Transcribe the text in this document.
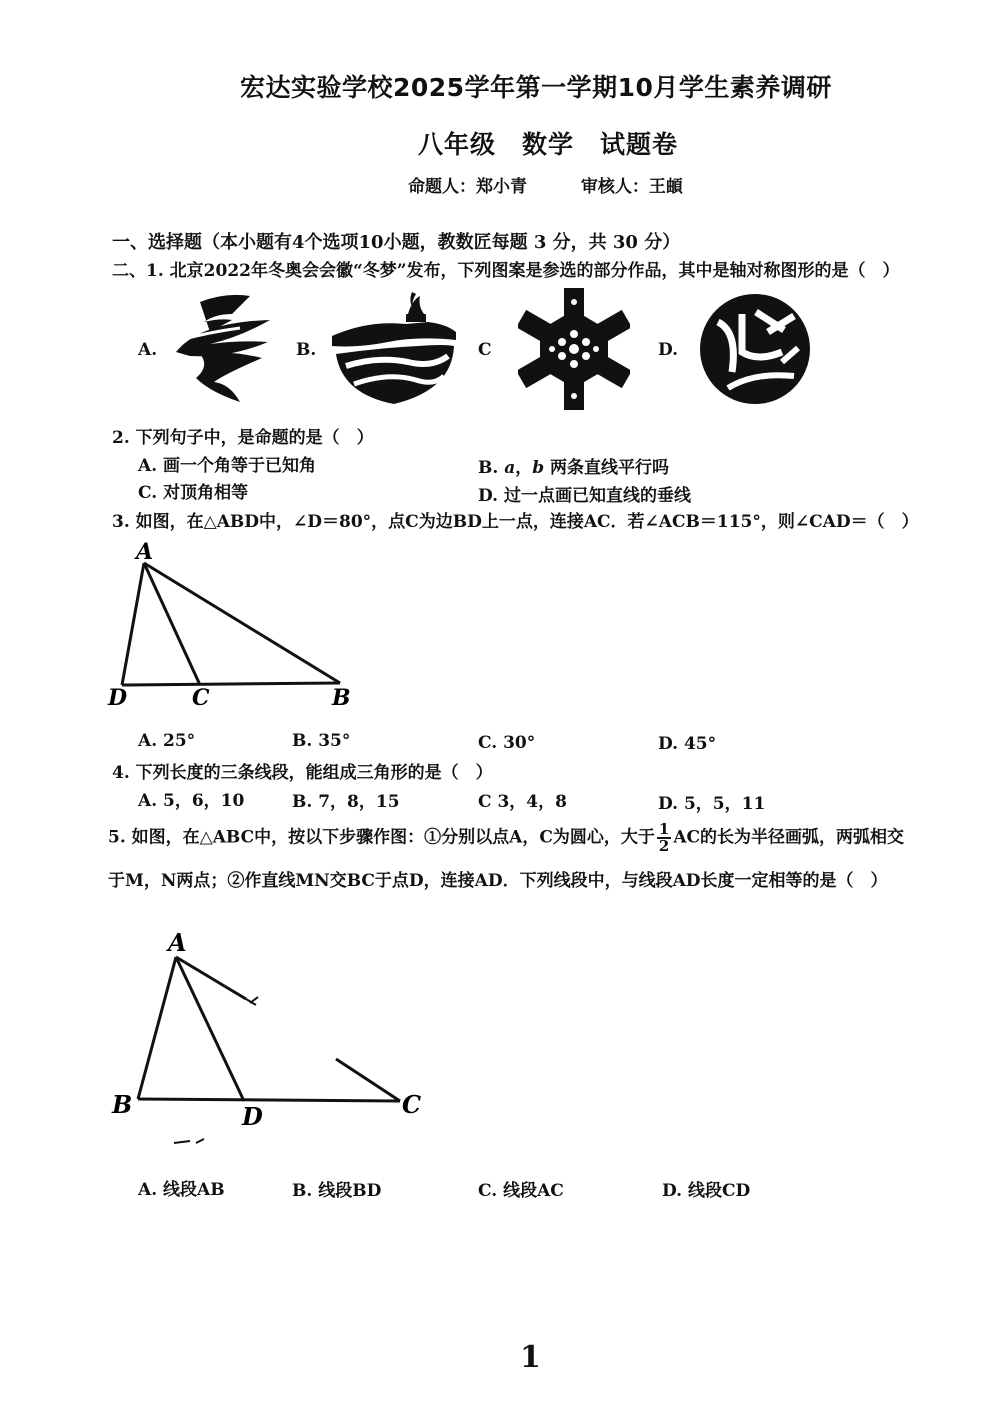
宏达实验学校2025学年第一学期10月学生素养调研
八年级　数学　试题卷
命题人：郑小青	审核人：王頔
一、选择题（本小题有4个选项10小题，教数匠每题 3 分，共 30 分）
二、1. 北京2022年冬奥会会徽“冬梦”发布，下列图案是参选的部分作品，其中是轴对称图形的是（　）
A.	B.	C	D.
2. 下列句子中，是命题的是（　）
A. 画一个角等于已知角	B. a，b 两条直线平行吗
C. 对顶角相等	D. 过一点画已知直线的垂线
3. 如图，在△ABD中，∠D＝80°，点C为边BD上一点，连接AC．若∠ACB＝115°，则∠CAD＝（　）
A
D	C	B
A. 25°	B. 35°	C. 30°	D. 45°
4. 下列长度的三条线段，能组成三角形的是（　）
A. 5，6，10	B. 7，8，15	C 3，4，8	D. 5，5，11
5. 如图，在△ABC中，按以下步骤作图：①分别以点A，C为圆心，大于 $\frac{1}{2}$ AC的长为半径画弧，两弧相交
于M，N两点；②作直线MN交BC于点D，连接AD．下列线段中，与线段AD长度一定相等的是（　）
A
B	D	C
A. 线段AB	B. 线段BD	C. 线段AC	D. 线段CD
1
